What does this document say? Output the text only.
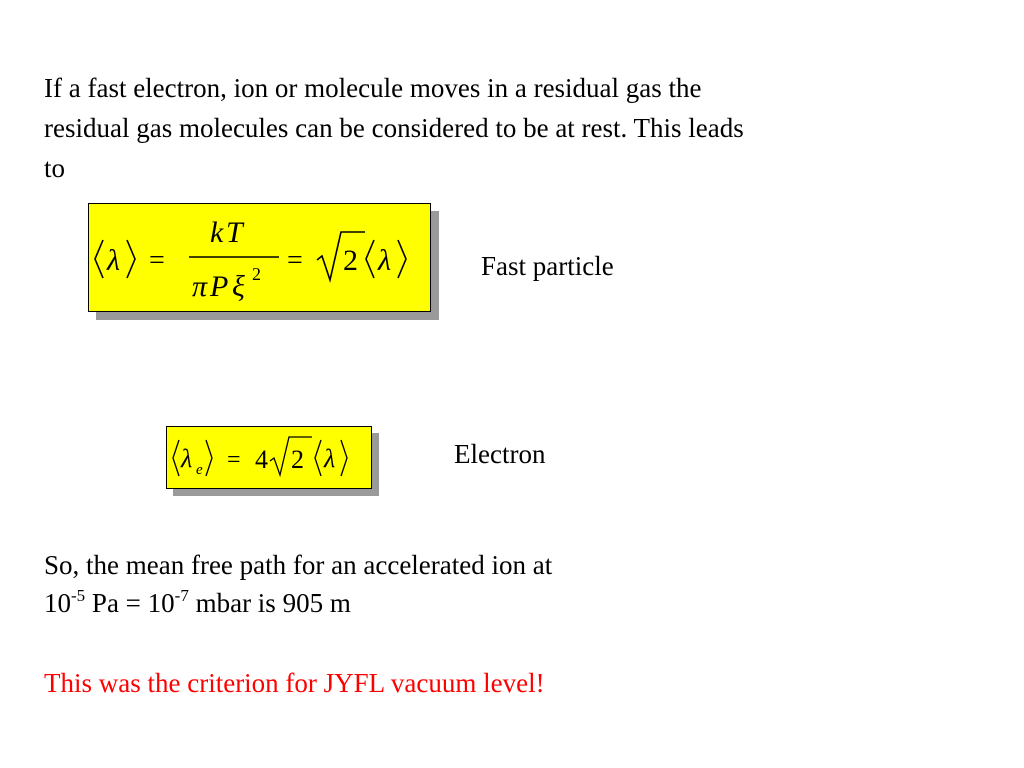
If a fast electron, ion or molecule moves in a residual gas the
residual gas molecules can be considered to be at rest. This leads
to
λ =
k T
π P ξ 2 = 2 λ	Fast particle
λ e = 4 2 λ	Electron
So, the mean free path for an accelerated ion at
$10^{-5}$ $Pa = 10^{-7}$ mbar is 905 m
This was the criterion for JYFL vacuum level!
